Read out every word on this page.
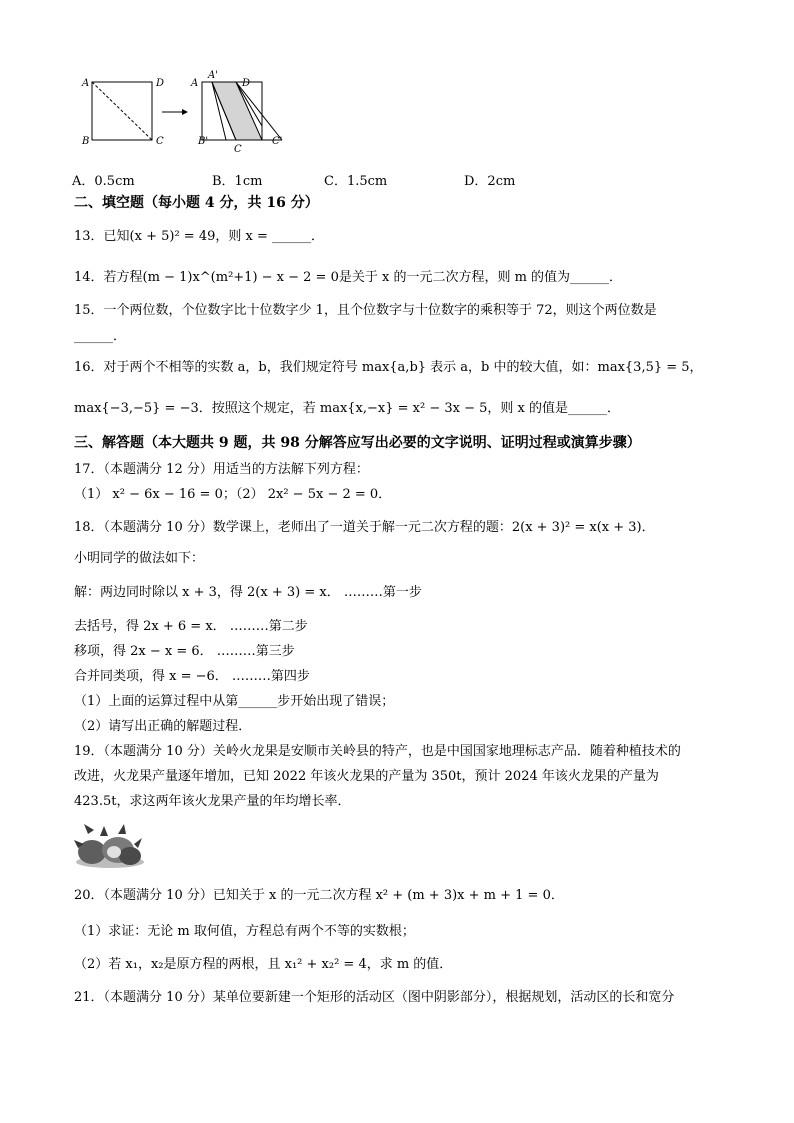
A	D
B	C
A
A'
D
B'
C
C'
A．0.5cm	B．1cm	C．1.5cm	D．2cm
二、填空题（每小题 4 分，共 16 分）
13．已知(x + 5)² = 49，则 x = ______．
14．若方程(m − 1)x^(m²+1) − x − 2 = 0是关于 x 的一元二次方程，则 m 的值为______．
15．一个两位数，个位数字比十位数字少 1，且个位数字与十位数字的乘积等于 72，则这个两位数是
______．
16．对于两个不相等的实数 a，b，我们规定符号 max{a,b} 表示 a，b 中的较大值，如：max{3,5} = 5，
max{−3,−5} = −3．按照这个规定，若 max{x,−x} = x² − 3x − 5，则 x 的值是______．
三、解答题（本大题共 9 题，共 98 分解答应写出必要的文字说明、证明过程或演算步骤）
17．（本题满分 12 分）用适当的方法解下列方程：
（1） x² − 6x − 16 = 0；（2） 2x² − 5x − 2 = 0．
18．（本题满分 10 分）数学课上，老师出了一道关于解一元二次方程的题：2(x + 3)² = x(x + 3)．
小明同学的做法如下：
解：两边同时除以 x + 3，得 2(x + 3) = x． ………第一步
去括号，得 2x + 6 = x． ………第二步
移项，得 2x − x = 6． ………第三步
合并同类项，得 x = −6． ………第四步
（1）上面的运算过程中从第______步开始出现了错误；
（2）请写出正确的解题过程．
19．（本题满分 10 分）关岭火龙果是安顺市关岭县的特产，也是中国国家地理标志产品．随着种植技术的
改进，火龙果产量逐年增加，已知 2022 年该火龙果的产量为 350t，预计 2024 年该火龙果的产量为
423.5t，求这两年该火龙果产量的年均增长率．
20．（本题满分 10 分）已知关于 x 的一元二次方程 x² + (m + 3)x + m + 1 = 0．
（1）求证：无论 m 取何值，方程总有两个不等的实数根；
（2）若 x₁，x₂是原方程的两根，且 x₁² + x₂² = 4，求 m 的值．
21．（本题满分 10 分）某单位要新建一个矩形的活动区（图中阴影部分），根据规划，活动区的长和宽分
